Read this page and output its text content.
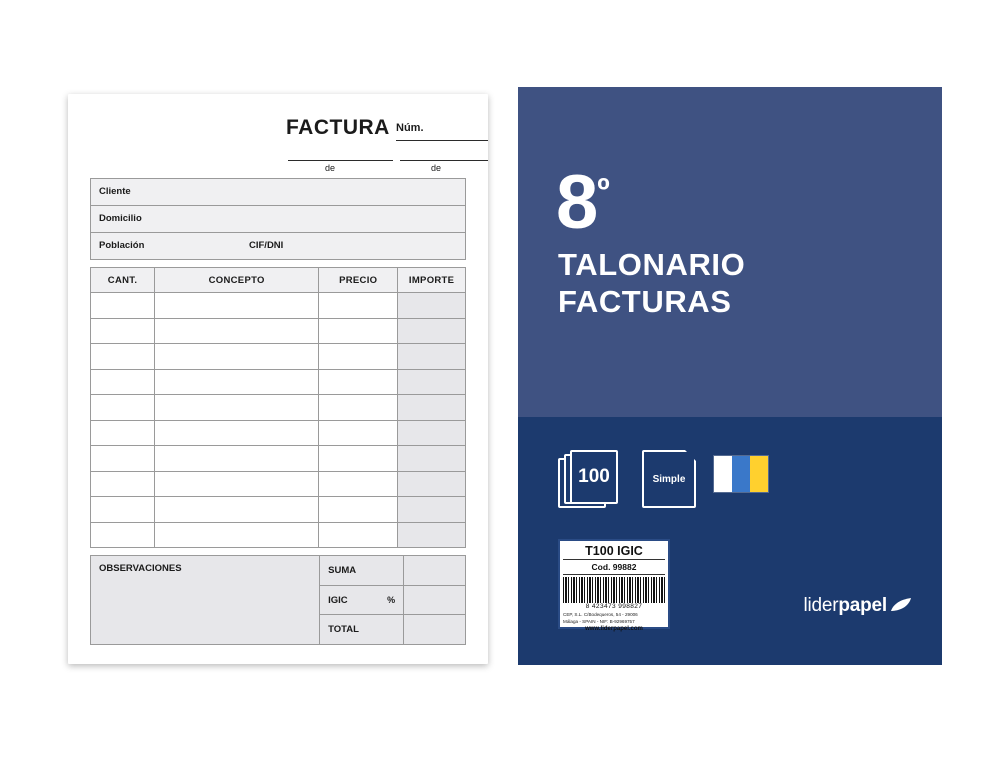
FACTURA Núm.
de	de
Cliente
Domicilio
Población	CIF/DNI
CANT.	CONCEPTO	PRECIO	IMPORTE

OBSERVACIONES	SUMA
IGIC	%
TOTAL
$8^º$
TALONARIO
FACTURAS
100	Simple
T100 IGIC
Cod. 99882
8 423473 998827
CEP, S.L. C/Bodequeros, 54 - 29006
Málaga - SPAIN - NIF: B-92969757
www.liderpapel.com
liderpapel
